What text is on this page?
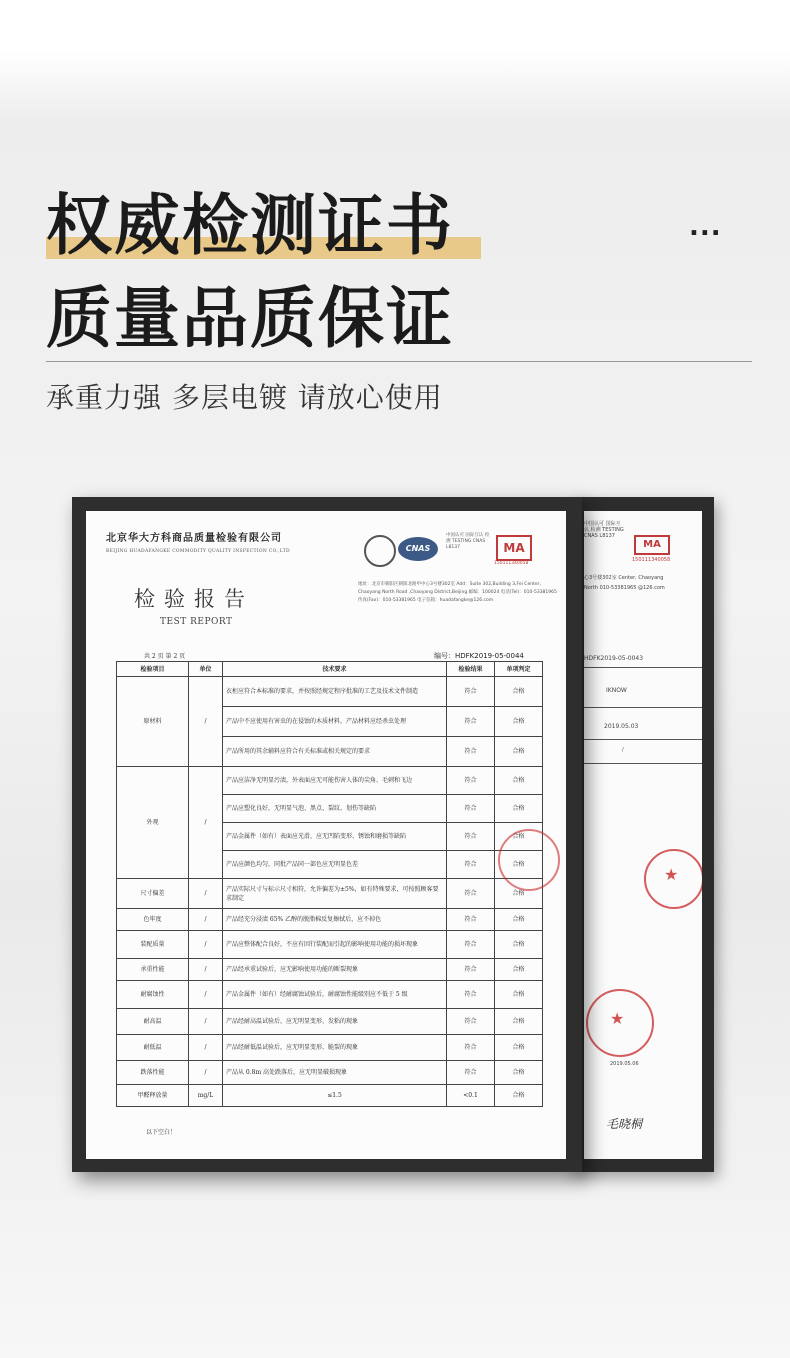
权威检测证书	...
质量品质保证
承重力强 多层电镀 请放心使用
中国认可 国际互认 检测 TESTING CNAS L8137
MA
150111340058
心3号楼302室 Center, Chaoyang North 010-53381965 @126.com
HDFK2019-05-0043
IKNOW
2019.05.03
/
★
★
2019.05.06
毛晓桐
北京华大方科商品质量检验有限公司
BEIJING HUADAFANGKE COMMODITY QUALITY INSPECTION CO.,LTD
检验报告
TEST REPORT
CNAS
中国认可 国际互认 检测 TESTING CNAS L8137	MA
150111340058
地址：北京市朝阳区朝阳北路甲中心3号楼302室 Add：Suite 302,Building 3,Fei Center, Chaoyang North Road ,Chaoyang District,Beijing 邮编：100024 电话(Tel)：010-53381965 传真(Fax)：010-53381965 电子信箱：huadafangke@126.com
共 2 页 第 2 页	编号：HDFK2019-05-0044
检验项目	单位	技术要求	检验结果	单项判定
原材料	/	衣柜应符合本标准的要求，并按照经规定程序批准的工艺及技术文件制造	符合	合格
		产品中不应使用有害虫的在侵蚀的木质材料，产品材料应经杀虫处理	符合	合格
		产品所用的其余辅料应符合有关标准或相关规定的要求	符合	合格
外观	/	产品应洁净无明显污渍，外表面应无可能伤害人体的尖角、毛刺和飞边	符合	合格
		产品应塑化良好，无明显气泡、黑点、裂纹、划伤等缺陷	符合	合格
		产品金属件（如有）表面应光滑，应无凹陷变形、锈蚀和磨损等缺陷	符合	合格
		产品应颜色均匀，同批产品同一部色应无明显色差	符合	合格
尺寸偏差	/	产品实际尺寸与标示尺寸相符，允许偏差为±5%，如有特殊要求，可按照顾客要求制定	符合	合格
色牢度	/	产品经充分浸渍 65% 乙醇的脱脂棉反复擦拭后，应不掉色	符合	合格
装配质量	/	产品应整体配合良好，不应有因行装配而引起的影响使用功能的损坏现象	符合	合格
承重性能	/	产品经承重试验后，应无影响使用功能的断裂现象	符合	合格
耐腐蚀性	/	产品金属件（如有）经耐腐蚀试验后，耐腐蚀性能级别应不低于 5 级	符合	合格
耐高温	/	产品经耐高温试验后，应无明显变形、发粘的现象	符合	合格
耐低温	/	产品经耐低温试验后，应无明显变形、脆裂的现象	符合	合格
跌落性能	/	产品从 0.8m 高处跌落后，应无明显破损现象	符合	合格
甲醛释放量	mg/L	≤1.5	<0.1	合格
以下空白！
